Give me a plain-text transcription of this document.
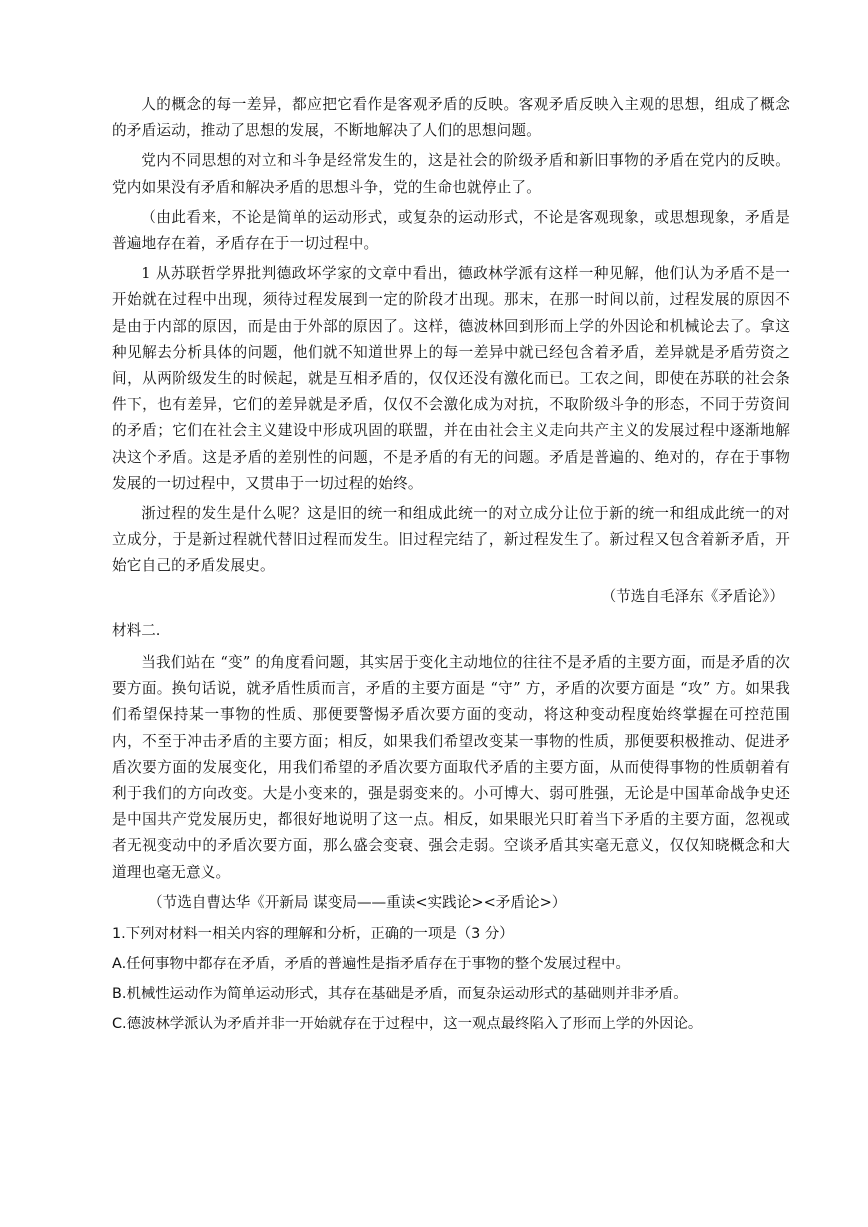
人的概念的每一差异，都应把它看作是客观矛盾的反映。客观矛盾反映入主观的思想，组成了概念的矛盾运动，推动了思想的发展，不断地解决了人们的思想问题。

党内不同思想的对立和斗争是经常发生的，这是社会的阶级矛盾和新旧事物的矛盾在党内的反映。党内如果没有矛盾和解决矛盾的思想斗争，党的生命也就停止了。

（由此看来，不论是简单的运动形式，或复杂的运动形式，不论是客观现象，或思想现象，矛盾是普遍地存在着，矛盾存在于一切过程中。

1 从苏联哲学界批判德政坏学家的文章中看出，德政林学派有这样一种见解，他们认为矛盾不是一开始就在过程中出现，须待过程发展到一定的阶段才出现。那末，在那一时间以前，过程发展的原因不是由于内部的原因，而是由于外部的原因了。这样，德波林回到形而上学的外因论和机械论去了。拿这种见解去分析具体的问题，他们就不知道世界上的每一差异中就已经包含着矛盾，差异就是矛盾劳资之间，从两阶级发生的时候起，就是互相矛盾的，仅仅还没有激化而已。工农之间，即使在苏联的社会条件下，也有差异，它们的差异就是矛盾，仅仅不会激化成为对抗，不取阶级斗争的形态，不同于劳资间的矛盾；它们在社会主义建设中形成巩固的联盟，并在由社会主义走向共产主义的发展过程中逐渐地解决这个矛盾。这是矛盾的差别性的问题，不是矛盾的有无的问题。矛盾是普遍的、绝对的，存在于事物发展的一切过程中，又贯串于一切过程的始终。

浙过程的发生是什么呢？这是旧的统一和组成此统一的对立成分让位于新的统一和组成此统一的对立成分，于是新过程就代替旧过程而发生。旧过程完结了，新过程发生了。新过程又包含着新矛盾，开始它自己的矛盾发展史。

（节选自毛泽东《矛盾论》）
材料二.

当我们站在 “变” 的角度看问题，其实居于变化主动地位的往往不是矛盾的主要方面，而是矛盾的次要方面。换句话说，就矛盾性质而言，矛盾的主要方面是 “守” 方，矛盾的次要方面是 “攻” 方。如果我们希望保持某一事物的性质、那便要警惕矛盾次要方面的变动，将这种变动程度始终掌握在可控范围内，不至于冲击矛盾的主要方面；相反，如果我们希望改变某一事物的性质，那便要积极推动、促进矛盾次要方面的发展变化，用我们希望的矛盾次要方面取代矛盾的主要方面，从而使得事物的性质朝着有利于我们的方向改变。大是小变来的，强是弱变来的。小可博大、弱可胜强，无论是中国革命战争史还是中国共产党发展历史，都很好地说明了这一点。相反，如果眼光只盯着当下矛盾的主要方面，忽视或者无视变动中的矛盾次要方面，那么盛会变衰、强会走弱。空谈矛盾其实毫无意义，仅仅知晓概念和大道理也毫无意义。

（节选自曹达华《开新局 谋变局——重读<实践论><矛盾论>）
1.下列对材料一相关内容的理解和分析，正确的一项是（3 分）
A.任何事物中都存在矛盾，矛盾的普遍性是指矛盾存在于事物的整个发展过程中。
B.机械性运动作为简单运动形式，其存在基础是矛盾，而复杂运动形式的基础则并非矛盾。
C.德波林学派认为矛盾并非一开始就存在于过程中，这一观点最终陷入了形而上学的外因论。
